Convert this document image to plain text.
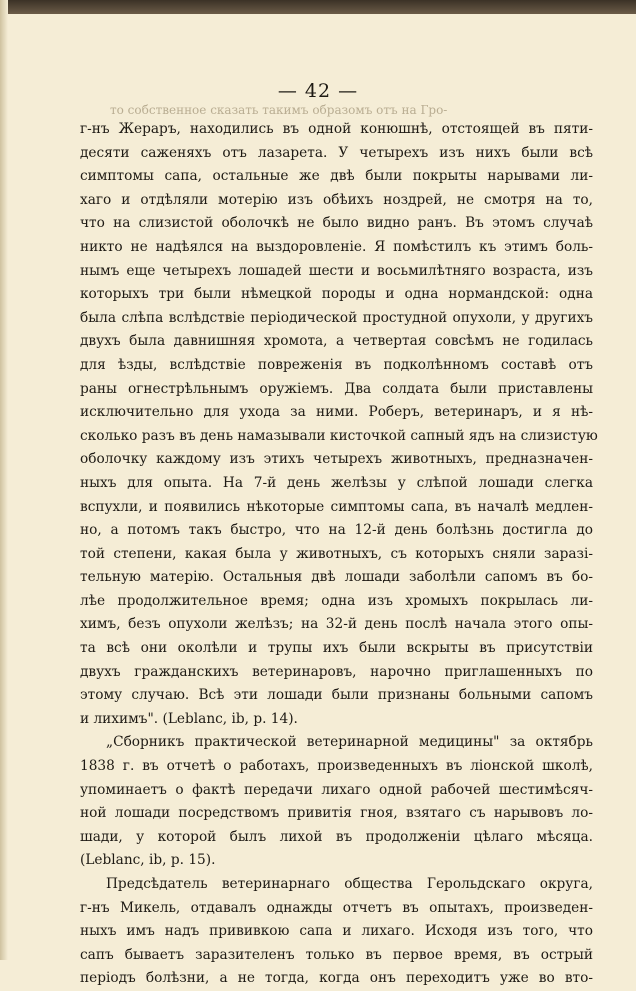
то собственное сказать такимъ образомъ отъ на Гро-
— 42 —
г-нъ Жераръ, находились въ одной конюшнѣ, отстоящей въ пяти-
десяти саженяхъ отъ лазарета. У четырехъ изъ нихъ были всѣ
симптомы сапа, остальные же двѣ были покрыты нарывами ли-
хаго и отдѣляли мотерію изъ обѣихъ ноздрей, не смотря на то,
что на слизистой оболочкѣ не было видно ранъ. Въ этомъ случаѣ
никто не надѣялся на выздоровленіе. Я помѣстилъ къ этимъ боль-
нымъ еще четырехъ лошадей шести и восьмилѣтняго возраста, изъ
которыхъ три были нѣмецкой породы и одна нормандской: одна
была слѣпа вслѣдствіе періодической простудной опухоли, у другихъ
двухъ была давнишняя хромота, а четвертая совсѣмъ не годилась
для ѣзды, вслѣдствіе повреженія въ подколѣнномъ составѣ отъ
раны огнестрѣльнымъ оружіемъ. Два солдата были приставлены
исключительно для ухода за ними. Роберъ, ветеринаръ, и я нѣ-
сколько разъ въ день намазывали кисточкой сапный ядъ на слизистую
оболочку каждому изъ этихъ четырехъ животныхъ, предназначен-
ныхъ для опыта. На 7-й день желѣзы у слѣпой лошади слегка
вспухли, и появились нѣкоторые симптомы сапа, въ началѣ медлен-
но, а потомъ такъ быстро, что на 12-й день болѣзнь достигла до
той степени, какая была у животныхъ, съ которыхъ сняли заразі-
тельную матерію. Остальныя двѣ лошади заболѣли сапомъ въ бо-
лѣе продолжительное время; одна изъ хромыхъ покрылась ли-
химъ, безъ опухоли желѣзъ; на 32-й день послѣ начала этого опы-
та всѣ они околѣли и трупы ихъ были вскрыты въ присутствіи
двухъ гражданскихъ ветеринаровъ, нарочно приглашенныхъ по
этому случаю. Всѣ эти лошади были признаны больными сапомъ
и лихимъ". (Leblanc, ib, p. 14).
„Сборникъ практической ветеринарной медицины" за октябрь
1838 г. въ отчетѣ о работахъ, произведенныхъ въ ліонской школѣ,
упоминаетъ о фактѣ передачи лихаго одной рабочей шестимѣсяч-
ной лошади посредствомъ привитія гноя, взятаго съ нарывовъ ло-
шади, у которой былъ лихой въ продолженіи цѣлаго мѣсяца.
(Leblanc, ib, p. 15).
Предсѣдатель ветеринарнаго общества Герольдскаго округа,
г-нъ Микель, отдавалъ однажды отчетъ въ опытахъ, произведен-
ныхъ имъ надъ прививкою сапа и лихаго. Исходя изъ того, что
сапъ бываетъ заразителенъ только въ первое время, въ острый
періодъ болѣзни, а не тогда, когда онъ переходитъ уже во вто-
